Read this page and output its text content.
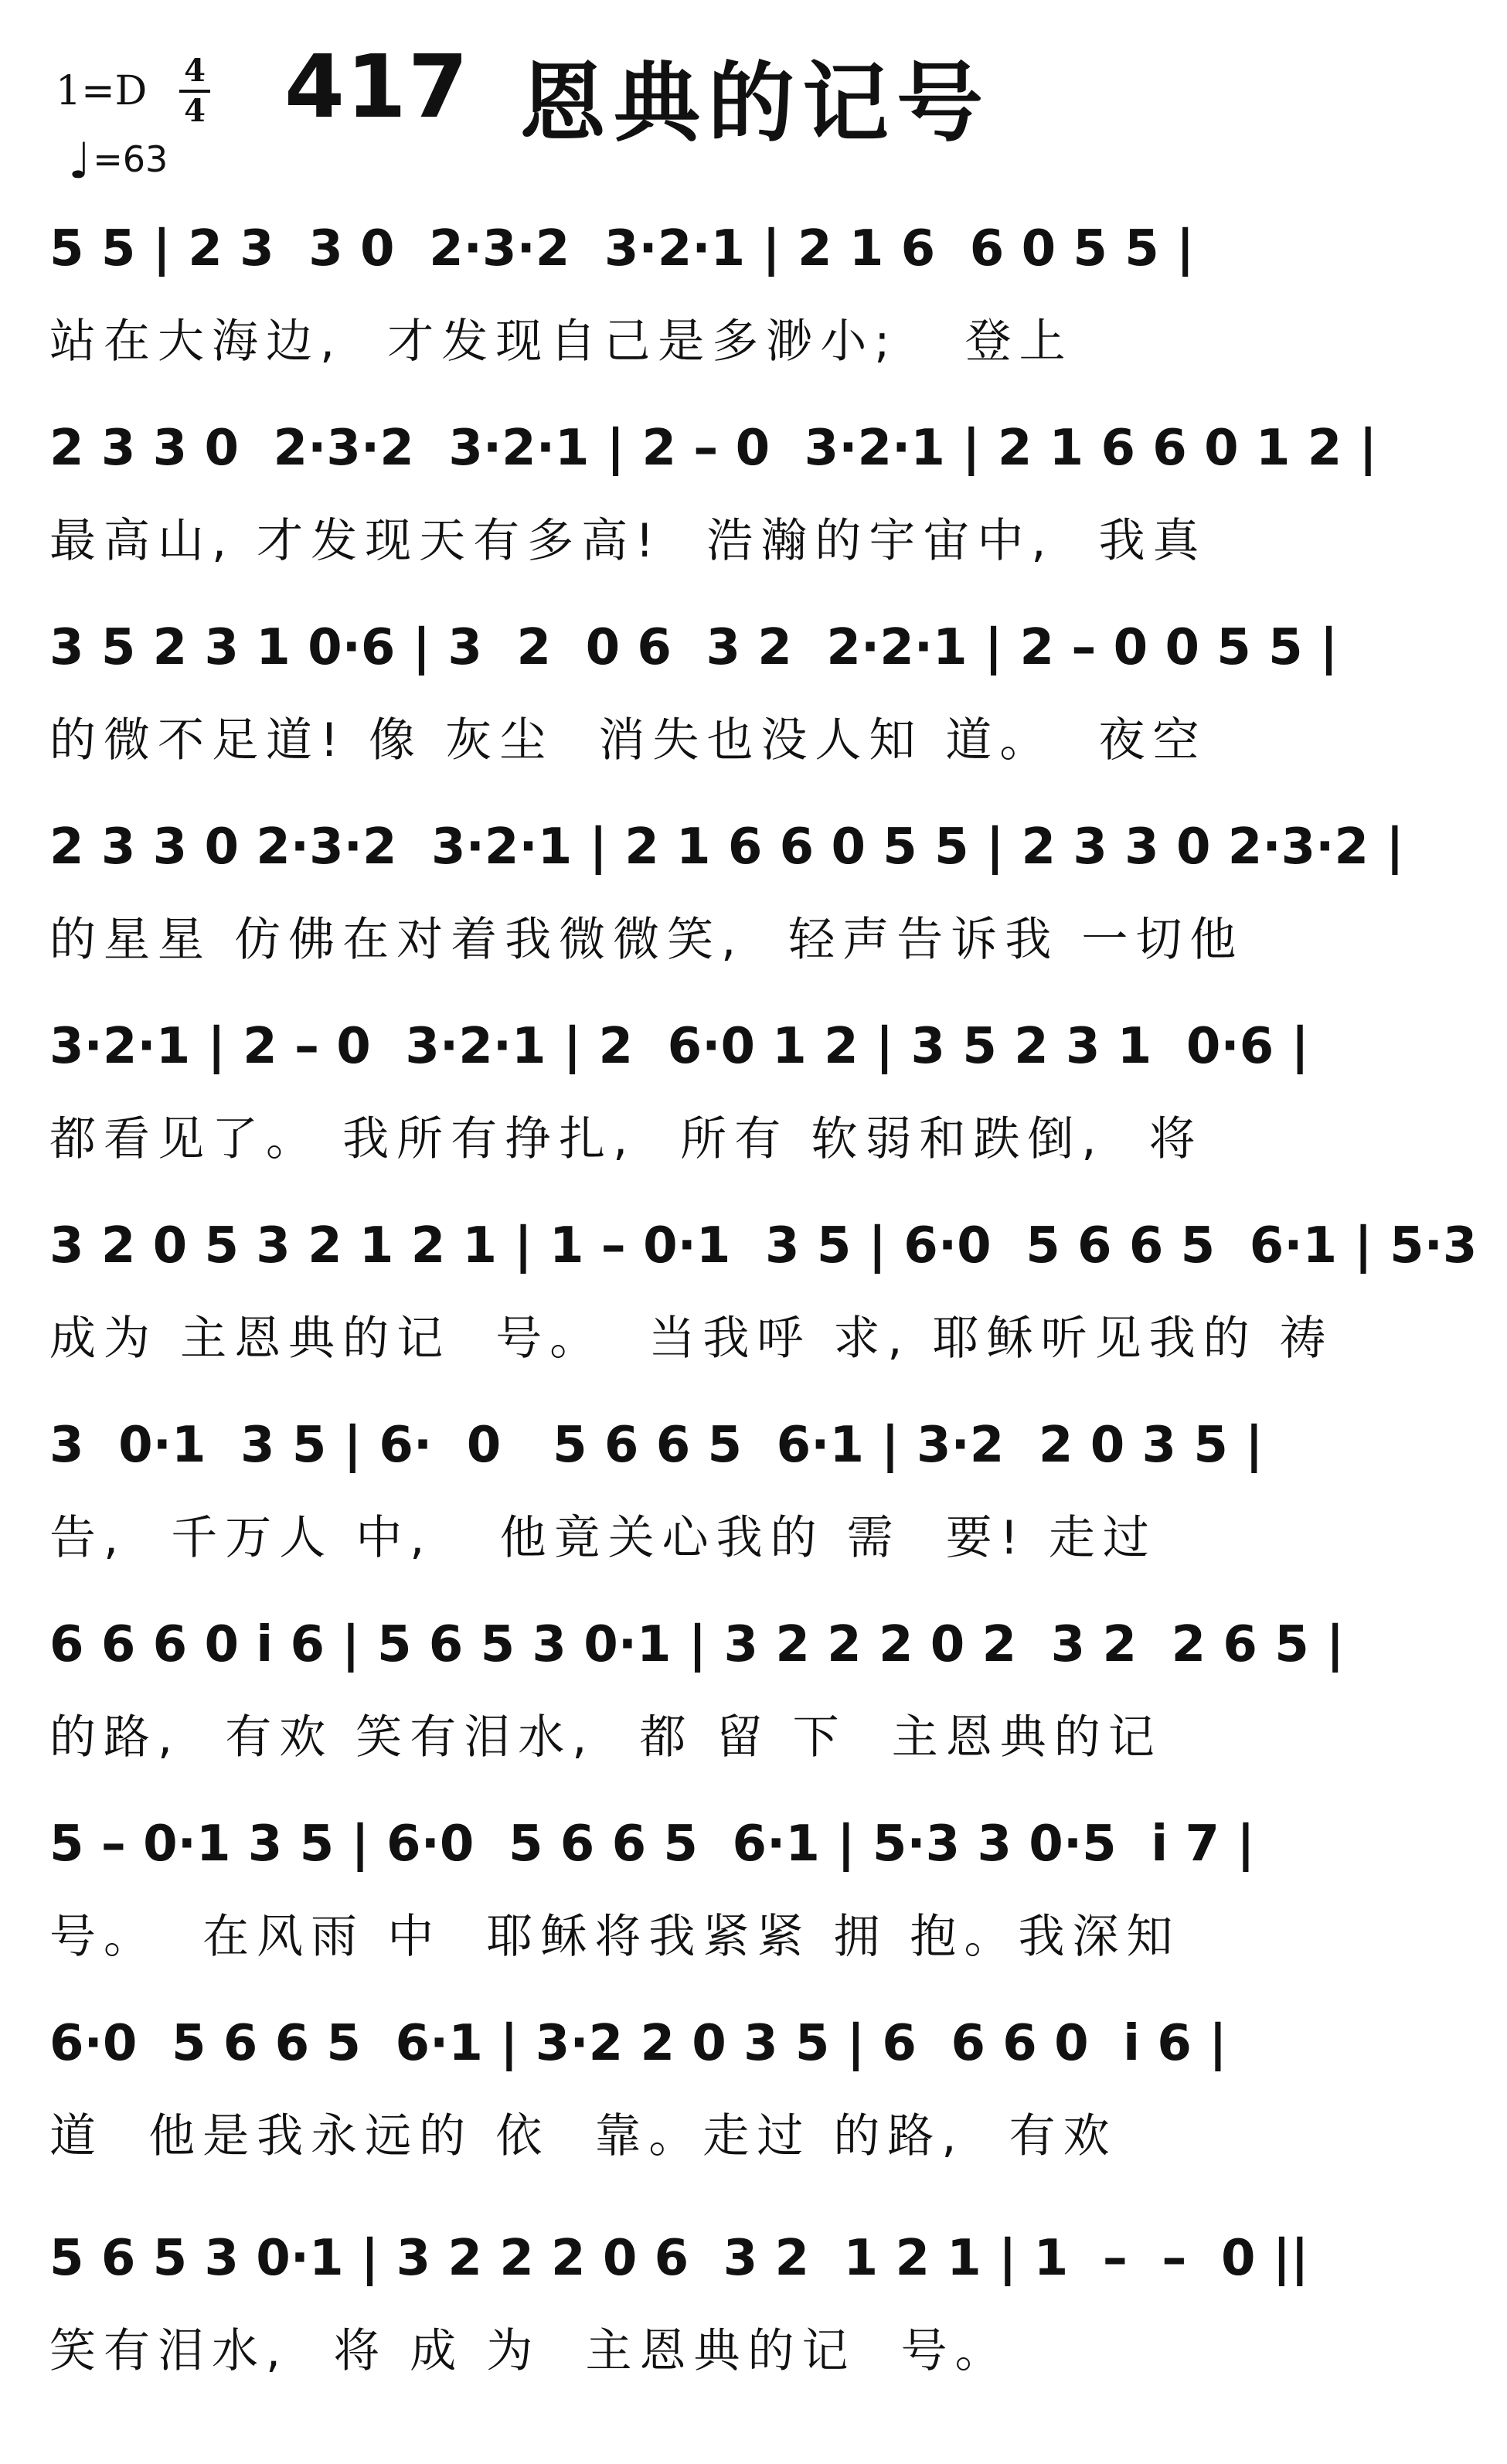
1=D 4
4
♩=63
417 恩典的记号
5 5 | 2 3  3 0  2·3·2  3·2·1 | 2 1 6  6 0 5 5 |
站在大海边,  才发现自己是多渺小;   登上
2 3 3 0  2·3·2  3·2·1 | 2 – 0  3·2·1 | 2 1 6 6 0 1 2 |
最高山, 才发现天有多高!  浩瀚的宇宙中,  我真
3 5 2 3 1 0·6 | 3  2  0 6  3 2  2·2·1 | 2 – 0 0 5 5 |
的微不足道! 像 灰尘  消失也没人知 道。  夜空
2 3 3 0 2·3·2  3·2·1 | 2 1 6 6 0 5 5 | 2 3 3 0 2·3·2 |
的星星 仿佛在对着我微微笑,  轻声告诉我 一切他
3·2·1 | 2 – 0  3·2·1 | 2  6·0 1 2 | 3 5 2 3 1  0·6 |
都看见了。 我所有挣扎,  所有 软弱和跌倒,  将
3 2 0 5 3 2 1 2 1 | 1 – 0·1  3 5 | 6·0  5 6 6 5  6·1 | 5·3
成为 主恩典的记  号。  当我呼 求, 耶稣听见我的 祷
3  0·1  3 5 | 6·  0   5 6 6 5  6·1 | 3·2  2 0 3 5 |
告,  千万人 中,   他竟关心我的 需  要! 走过
6 6 6 0 i 6 | 5 6 5 3 0·1 | 3 2 2 2 0 2  3 2  2 6 5 |
的路,  有欢 笑有泪水,  都 留 下  主恩典的记
5 – 0·1 3 5 | 6·0  5 6 6 5  6·1 | 5·3 3 0·5  i 7 |
号。  在风雨 中  耶稣将我紧紧 拥 抱。我深知
6·0  5 6 6 5  6·1 | 3·2 2 0 3 5 | 6  6 6 0  i 6 |
道  他是我永远的 依  靠。走过 的路,  有欢
5 6 5 3 0·1 | 3 2 2 2 0 6  3 2  1 2 1 | 1  –  –  0 ||
笑有泪水,  将 成 为  主恩典的记  号。
